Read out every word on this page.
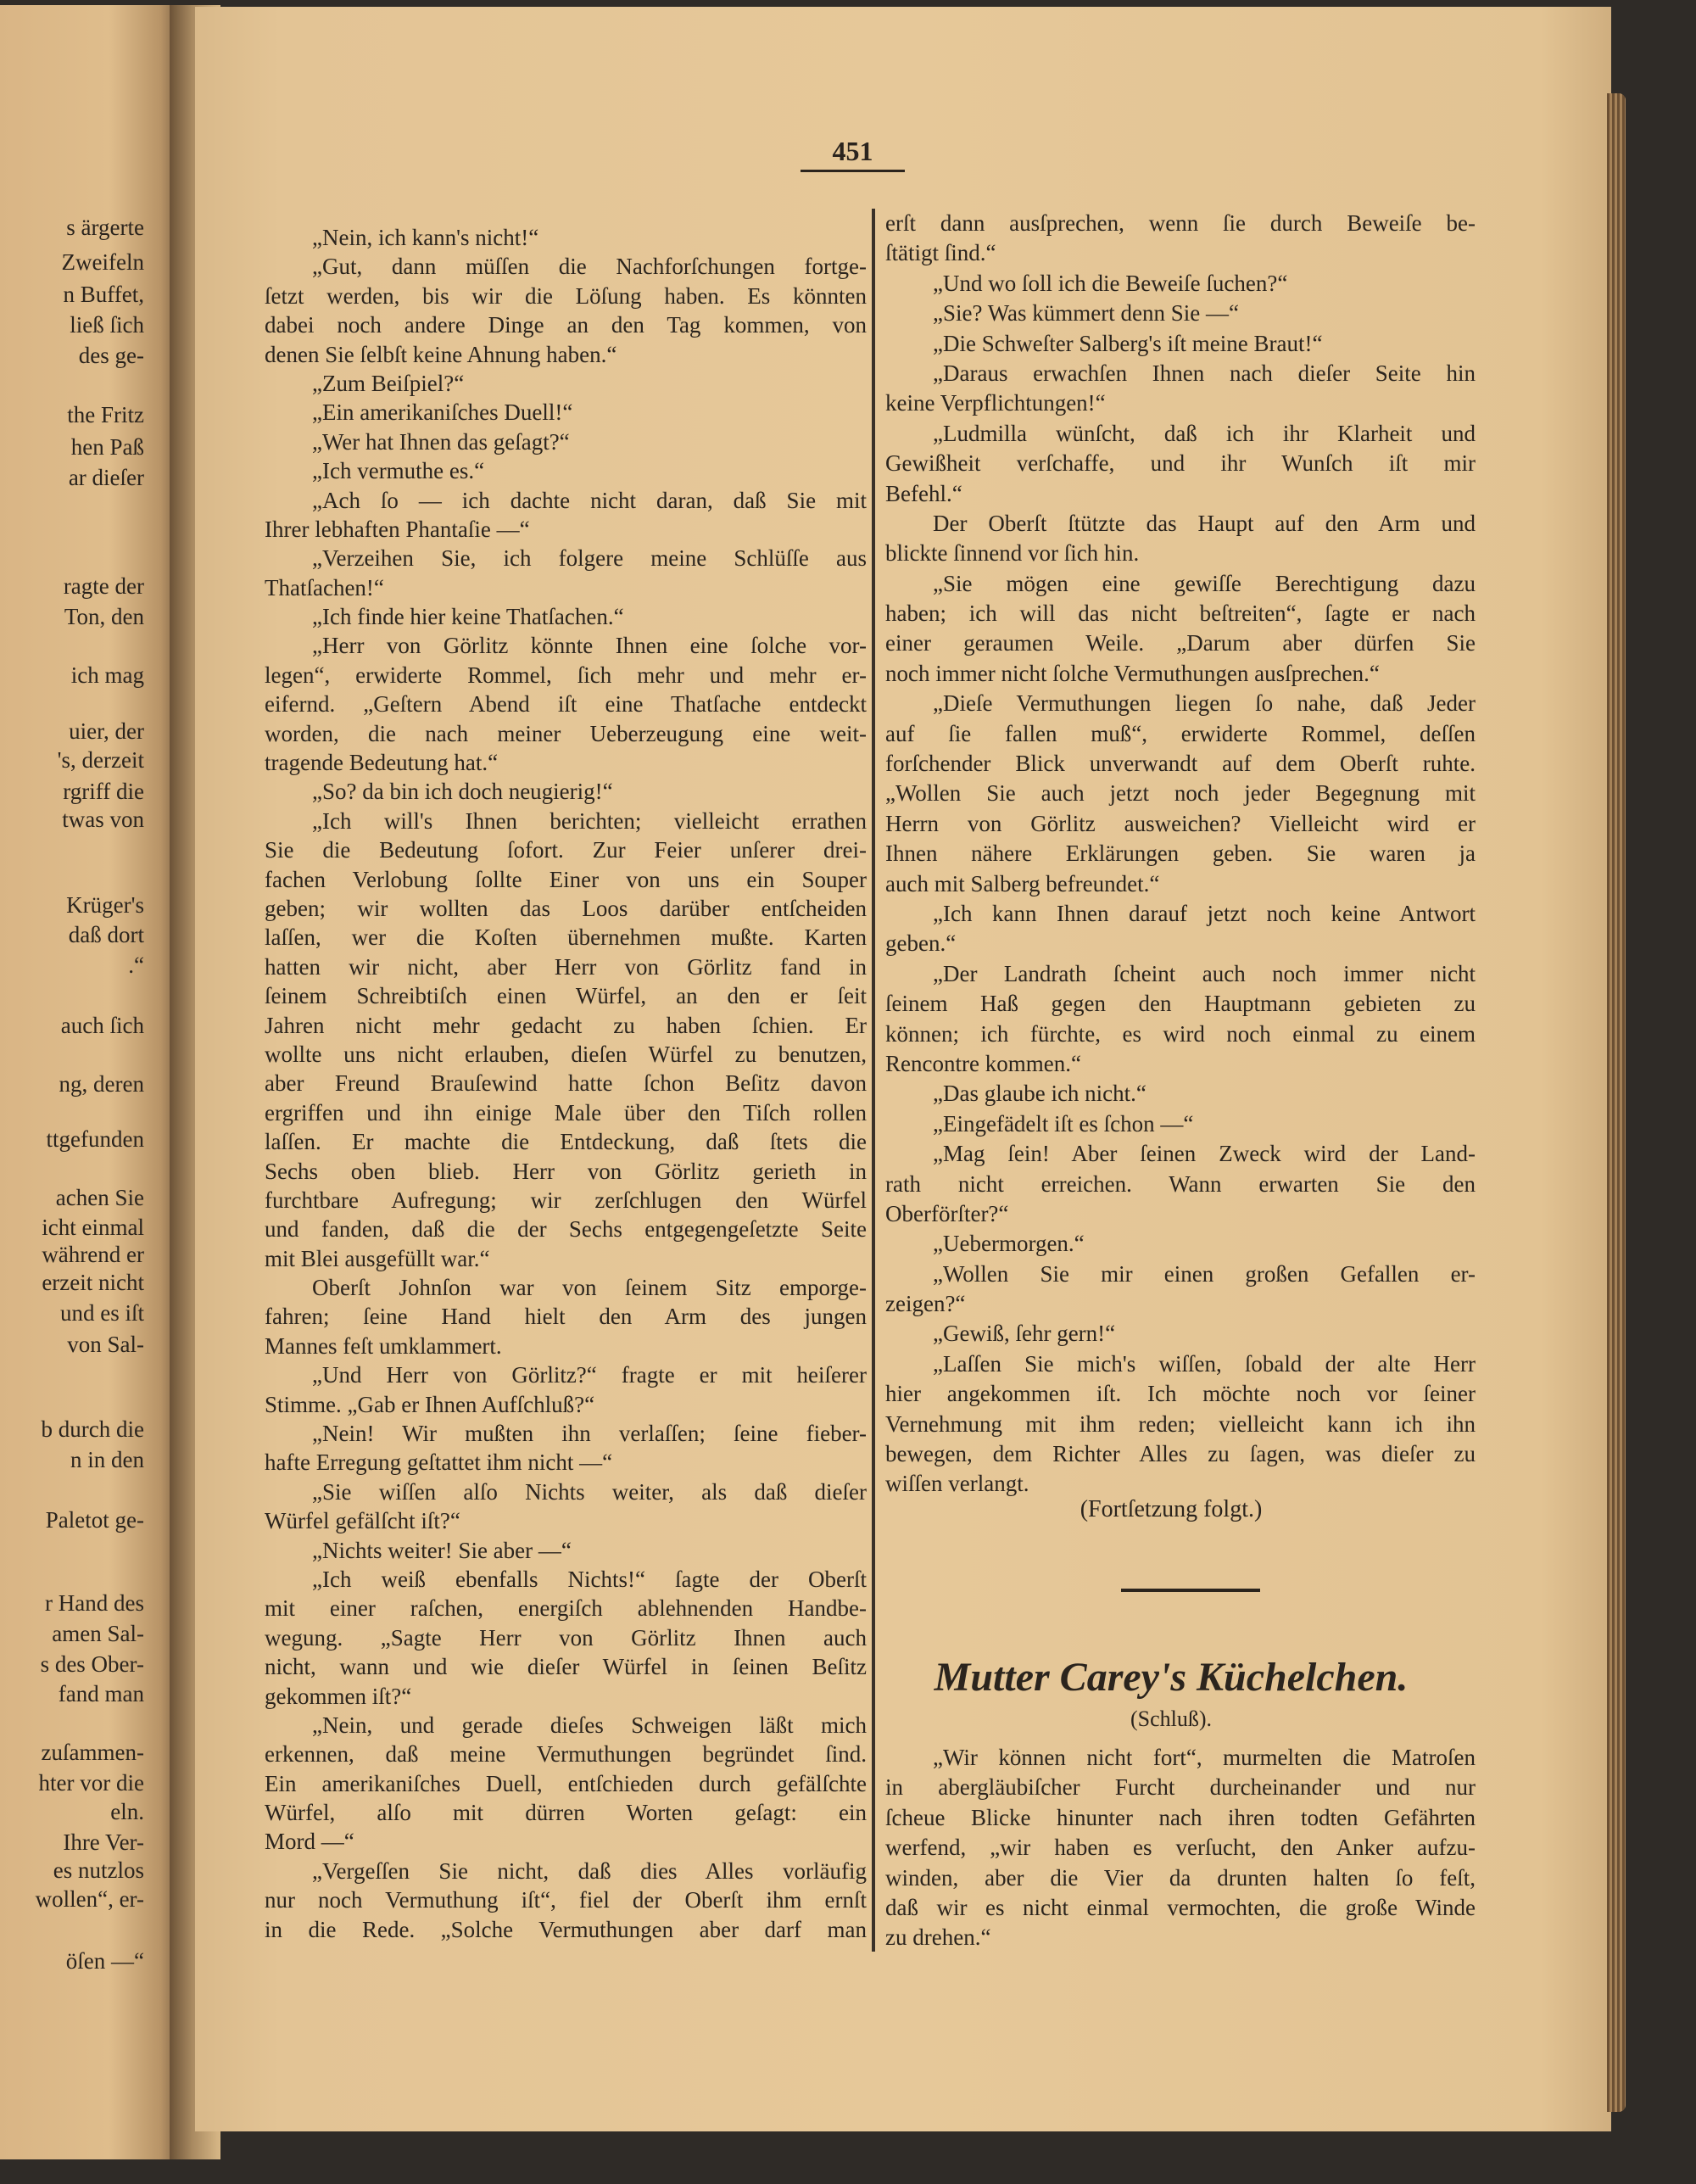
s ärgerte
Zweifeln
n Buffet,
ließ ſich
des ge-
the Fritz
hen Paß
ar dieſer
ragte der
Ton, den
ich mag
uier, der
's, derzeit
rgriff die
twas von
Krüger's
daß dort
.“
auch ſich
ng, deren
ttgefunden
achen Sie
icht einmal
während er
erzeit nicht
und es iſt
von Sal-
b durch die
n in den
Paletot ge-
r Hand des
amen Sal-
s des Ober-
fand man
zuſammen-
hter vor die
eln.
Ihre Ver-
es nutzlos
wollen“, er-
öſen —“
451
„Nein, ich kann's nicht!“
„Gut, dann müſſen die Nachforſchungen fortge-
ſetzt werden, bis wir die Löſung haben. Es könnten
dabei noch andere Dinge an den Tag kommen, von
denen Sie ſelbſt keine Ahnung haben.“
„Zum Beiſpiel?“
„Ein amerikaniſches Duell!“
„Wer hat Ihnen das geſagt?“
„Ich vermuthe es.“
„Ach ſo — ich dachte nicht daran, daß Sie mit
Ihrer lebhaften Phantaſie —“
„Verzeihen Sie, ich folgere meine Schlüſſe aus
Thatſachen!“
„Ich finde hier keine Thatſachen.“
„Herr von Görlitz könnte Ihnen eine ſolche vor-
legen“, erwiderte Rommel, ſich mehr und mehr er-
eifernd. „Geſtern Abend iſt eine Thatſache entdeckt
worden, die nach meiner Ueberzeugung eine weit-
tragende Bedeutung hat.“
„So? da bin ich doch neugierig!“
„Ich will's Ihnen berichten; vielleicht errathen
Sie die Bedeutung ſofort. Zur Feier unſerer drei-
fachen Verlobung ſollte Einer von uns ein Souper
geben; wir wollten das Loos darüber entſcheiden
laſſen, wer die Koſten übernehmen mußte. Karten
hatten wir nicht, aber Herr von Görlitz fand in
ſeinem Schreibtiſch einen Würfel, an den er ſeit
Jahren nicht mehr gedacht zu haben ſchien. Er
wollte uns nicht erlauben, dieſen Würfel zu benutzen,
aber Freund Brauſewind hatte ſchon Beſitz davon
ergriffen und ihn einige Male über den Tiſch rollen
laſſen. Er machte die Entdeckung, daß ſtets die
Sechs oben blieb. Herr von Görlitz gerieth in
furchtbare Aufregung; wir zerſchlugen den Würfel
und fanden, daß die der Sechs entgegengeſetzte Seite
mit Blei ausgefüllt war.“
Oberſt Johnſon war von ſeinem Sitz emporge-
fahren; ſeine Hand hielt den Arm des jungen
Mannes feſt umklammert.
„Und Herr von Görlitz?“ fragte er mit heiſerer
Stimme. „Gab er Ihnen Aufſchluß?“
„Nein! Wir mußten ihn verlaſſen; ſeine fieber-
hafte Erregung geſtattet ihm nicht —“
„Sie wiſſen alſo Nichts weiter, als daß dieſer
Würfel gefälſcht iſt?“
„Nichts weiter! Sie aber —“
„Ich weiß ebenfalls Nichts!“ ſagte der Oberſt
mit einer raſchen, energiſch ablehnenden Handbe-
wegung. „Sagte Herr von Görlitz Ihnen auch
nicht, wann und wie dieſer Würfel in ſeinen Beſitz
gekommen iſt?“
„Nein, und gerade dieſes Schweigen läßt mich
erkennen, daß meine Vermuthungen begründet ſind.
Ein amerikaniſches Duell, entſchieden durch gefälſchte
Würfel, alſo mit dürren Worten geſagt: ein
Mord —“
„Vergeſſen Sie nicht, daß dies Alles vorläufig
nur noch Vermuthung iſt“, fiel der Oberſt ihm ernſt
in die Rede. „Solche Vermuthungen aber darf man
erſt dann ausſprechen, wenn ſie durch Beweiſe be-
ſtätigt ſind.“
„Und wo ſoll ich die Beweiſe ſuchen?“
„Sie? Was kümmert denn Sie —“
„Die Schweſter Salberg's iſt meine Braut!“
„Daraus erwachſen Ihnen nach dieſer Seite hin
keine Verpflichtungen!“
„Ludmilla wünſcht, daß ich ihr Klarheit und
Gewißheit verſchaffe, und ihr Wunſch iſt mir
Befehl.“
Der Oberſt ſtützte das Haupt auf den Arm und
blickte ſinnend vor ſich hin.
„Sie mögen eine gewiſſe Berechtigung dazu
haben; ich will das nicht beſtreiten“, ſagte er nach
einer geraumen Weile. „Darum aber dürfen Sie
noch immer nicht ſolche Vermuthungen ausſprechen.“
„Dieſe Vermuthungen liegen ſo nahe, daß Jeder
auf ſie fallen muß“, erwiderte Rommel, deſſen
forſchender Blick unverwandt auf dem Oberſt ruhte.
„Wollen Sie auch jetzt noch jeder Begegnung mit
Herrn von Görlitz ausweichen? Vielleicht wird er
Ihnen nähere Erklärungen geben. Sie waren ja
auch mit Salberg befreundet.“
„Ich kann Ihnen darauf jetzt noch keine Antwort
geben.“
„Der Landrath ſcheint auch noch immer nicht
ſeinem Haß gegen den Hauptmann gebieten zu
können; ich fürchte, es wird noch einmal zu einem
Rencontre kommen.“
„Das glaube ich nicht.“
„Eingefädelt iſt es ſchon —“
„Mag ſein! Aber ſeinen Zweck wird der Land-
rath nicht erreichen. Wann erwarten Sie den
Oberförſter?“
„Uebermorgen.“
„Wollen Sie mir einen großen Gefallen er-
zeigen?“
„Gewiß, ſehr gern!“
„Laſſen Sie mich's wiſſen, ſobald der alte Herr
hier angekommen iſt. Ich möchte noch vor ſeiner
Vernehmung mit ihm reden; vielleicht kann ich ihn
bewegen, dem Richter Alles zu ſagen, was dieſer zu
wiſſen verlangt.
(Fortſetzung folgt.)
Mutter Carey's Küchelchen.
(Schluß).
„Wir können nicht fort“, murmelten die Matroſen
in abergläubiſcher Furcht durcheinander und nur
ſcheue Blicke hinunter nach ihren todten Gefährten
werfend, „wir haben es verſucht, den Anker aufzu-
winden, aber die Vier da drunten halten ſo feſt,
daß wir es nicht einmal vermochten, die große Winde
zu drehen.“
